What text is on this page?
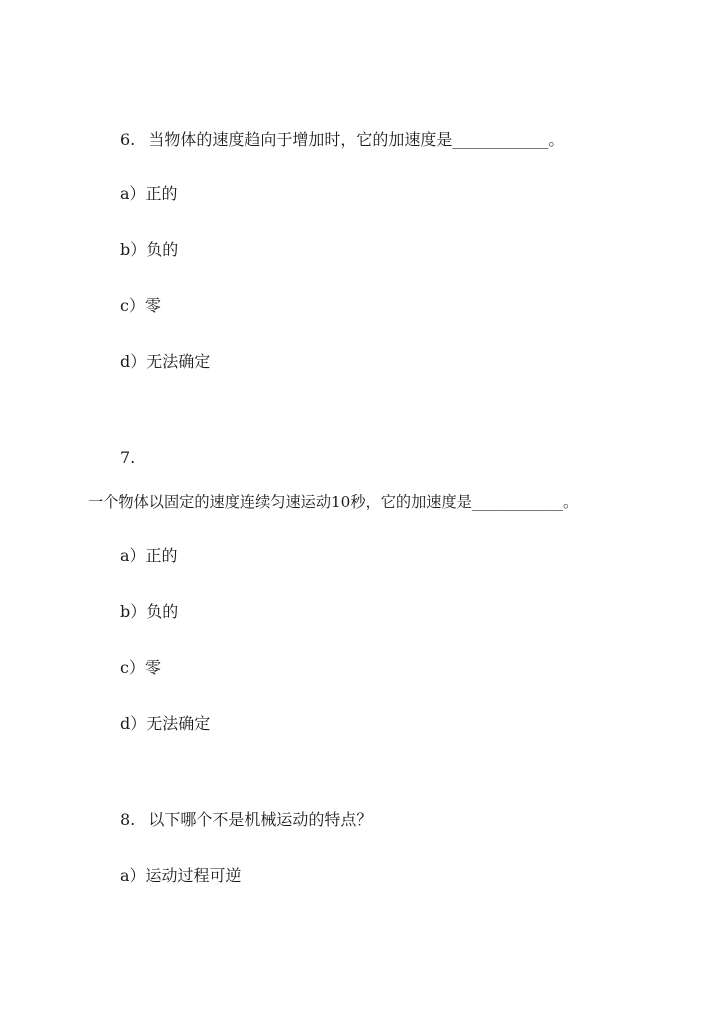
6. 当物体的速度趋向于增加时，它的加速度是____________。
a）正的
b）负的
c）零
d）无法确定
7.
一个物体以固定的速度连续匀速运动10秒，它的加速度是____________。
a）正的
b）负的
c）零
d）无法确定
8. 以下哪个不是机械运动的特点？
a）运动过程可逆
